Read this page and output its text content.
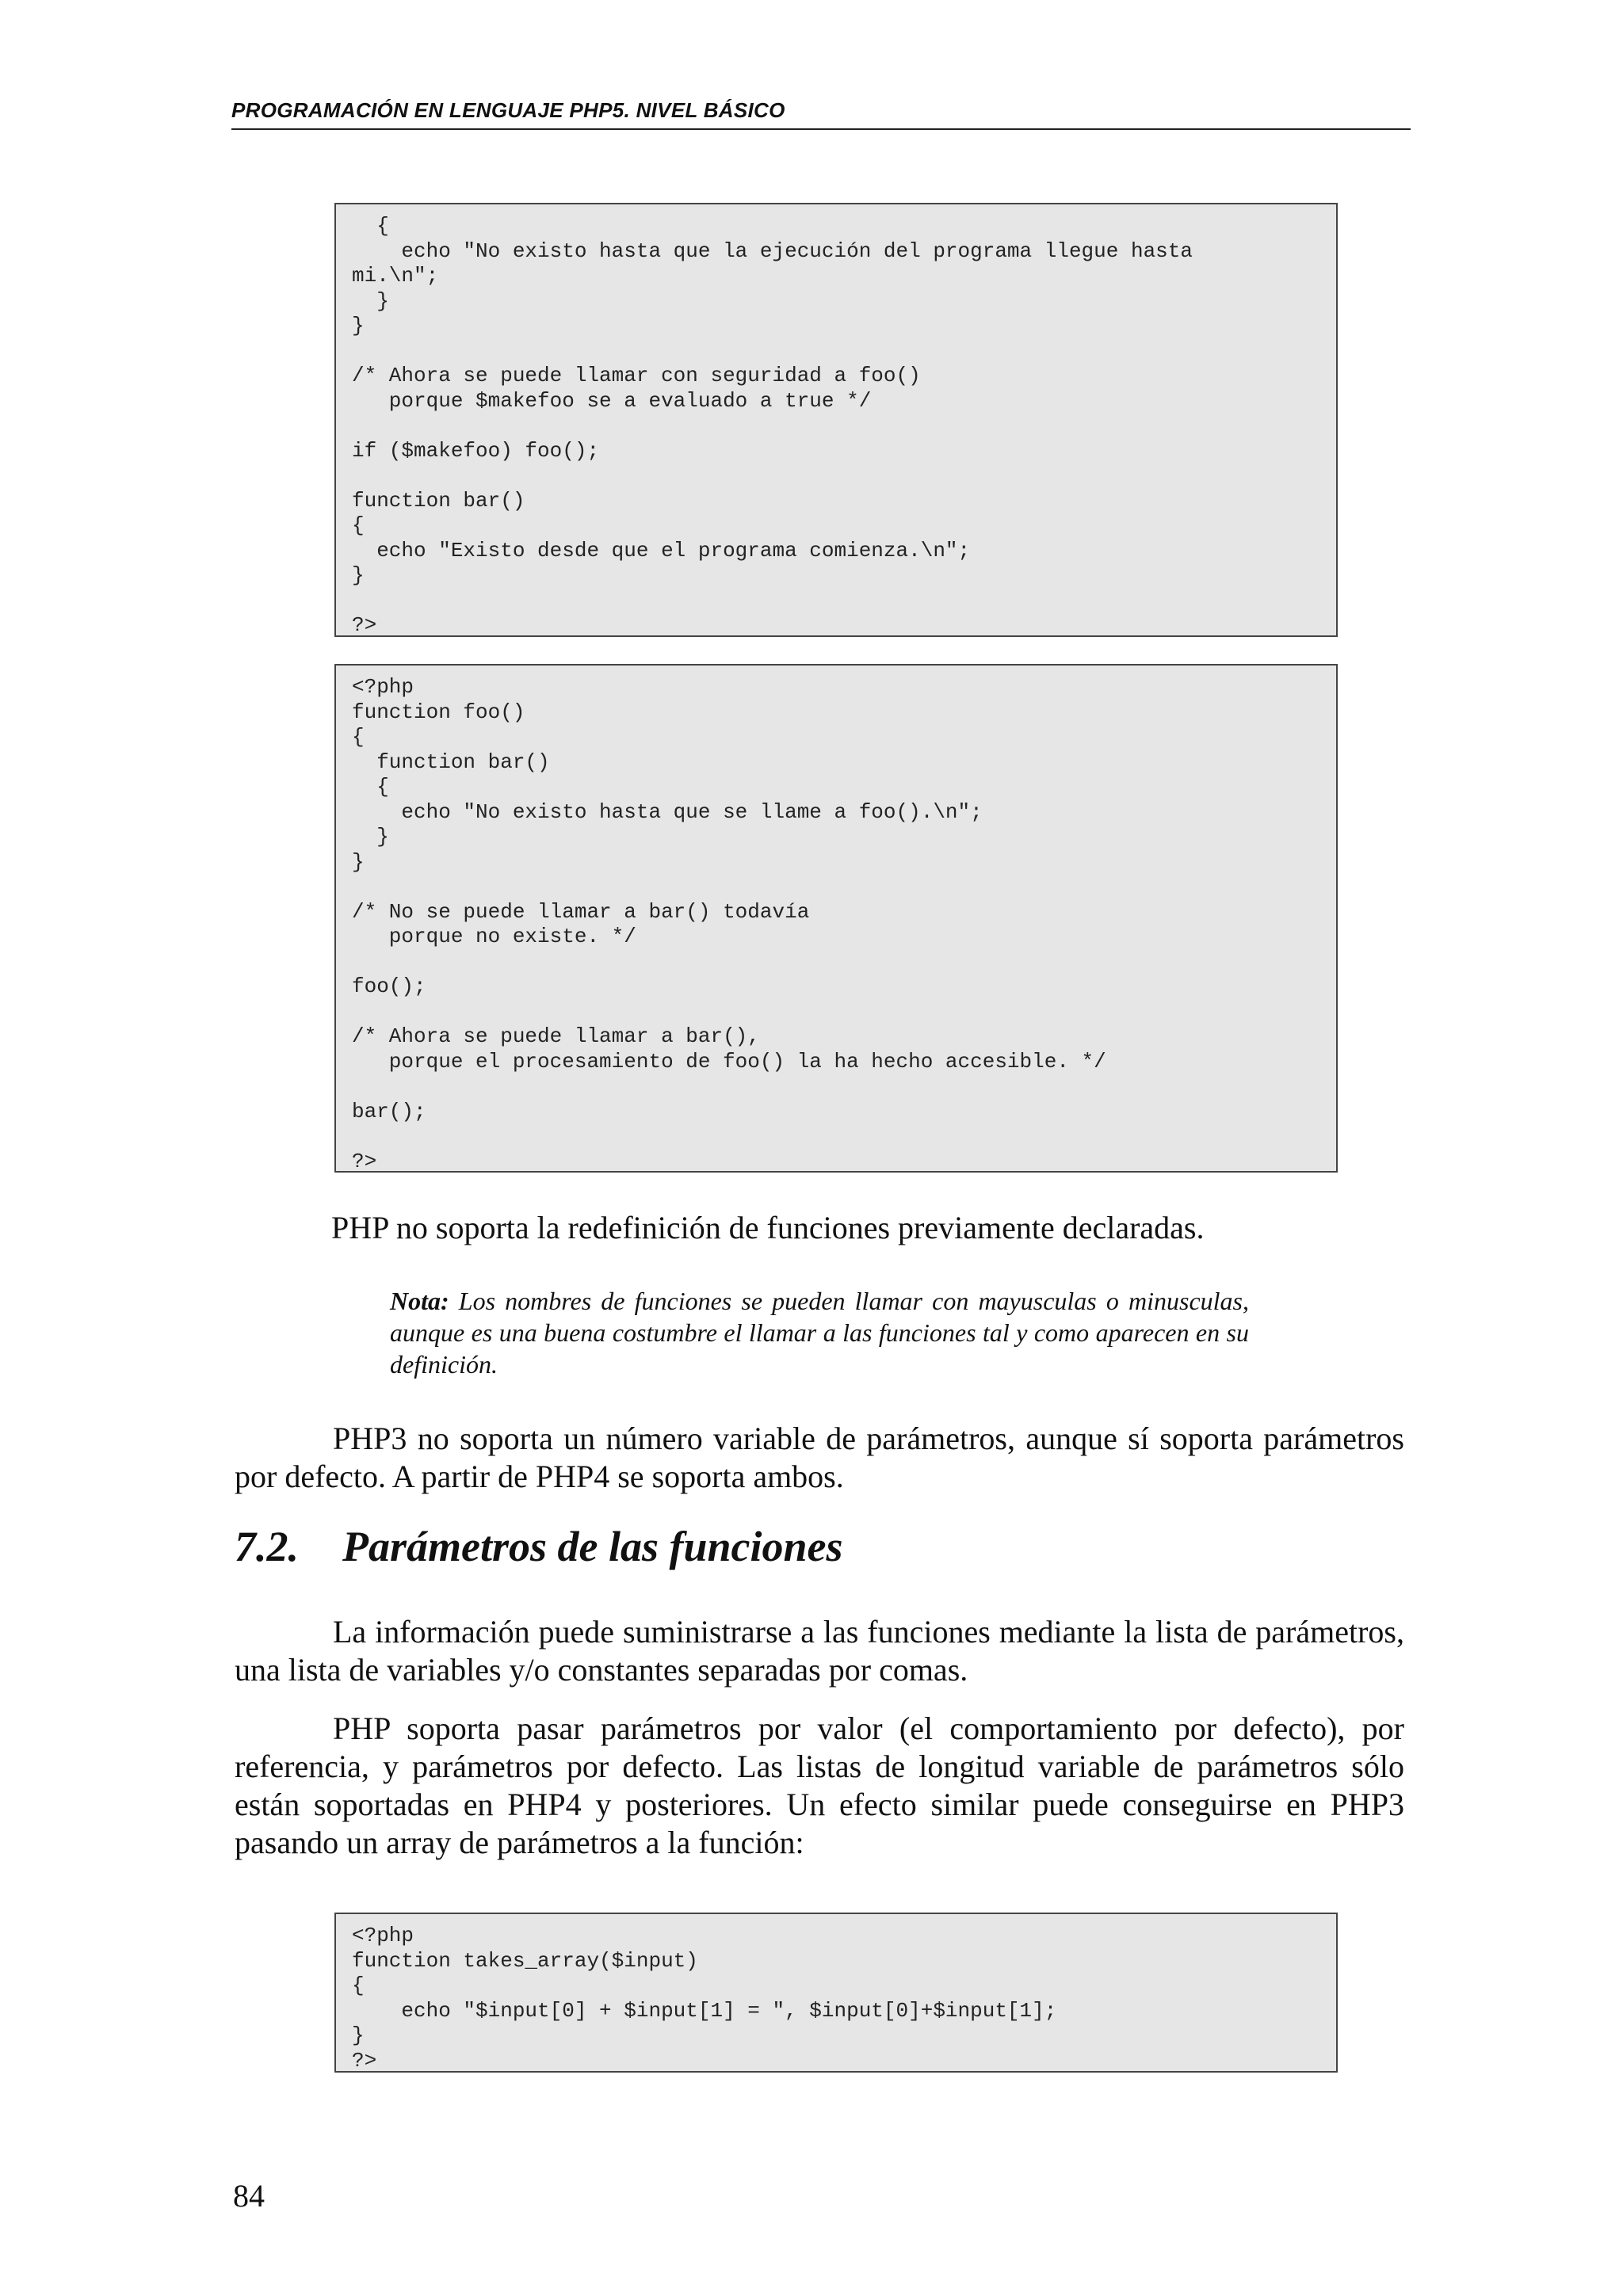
PROGRAMACIÓN EN LENGUAJE PHP5. NIVEL BÁSICO
{
echo "No existo hasta que la ejecución del programa llegue hasta
mi.\n";
}
}
/* Ahora se puede llamar con seguridad a foo()
porque $makefoo se a evaluado a true */
if ($makefoo) foo();
function bar()
{
echo "Existo desde que el programa comienza.\n";
}
?>
<?php
function foo()
{
function bar()
{
echo "No existo hasta que se llame a foo().\n";
}
}
/* No se puede llamar a bar() todavía
porque no existe. */
foo();
/* Ahora se puede llamar a bar(),
porque el procesamiento de foo() la ha hecho accesible. */
bar();
?>
PHP no soporta la redefinición de funciones previamente declaradas.
Nota: Los nombres de funciones se pueden llamar con mayusculas o minusculas, aunque es una buena costumbre el llamar a las funciones tal y como aparecen en su definición.
PHP3 no soporta un número variable de parámetros, aunque sí soporta parámetros por defecto. A partir de PHP4 se soporta ambos.
7.2. Parámetros de las funciones
La información puede suministrarse a las funciones mediante la lista de parámetros, una lista de variables y/o constantes separadas por comas.
PHP soporta pasar parámetros por valor (el comportamiento por defecto), por referencia, y parámetros por defecto. Las listas de longitud variable de parámetros sólo están soportadas en PHP4 y posteriores. Un efecto similar puede conseguirse en PHP3 pasando un array de parámetros a la función:
<?php
function takes_array($input)
{
echo "$input[0] + $input[1] = ", $input[0]+$input[1];
}
?>
84
